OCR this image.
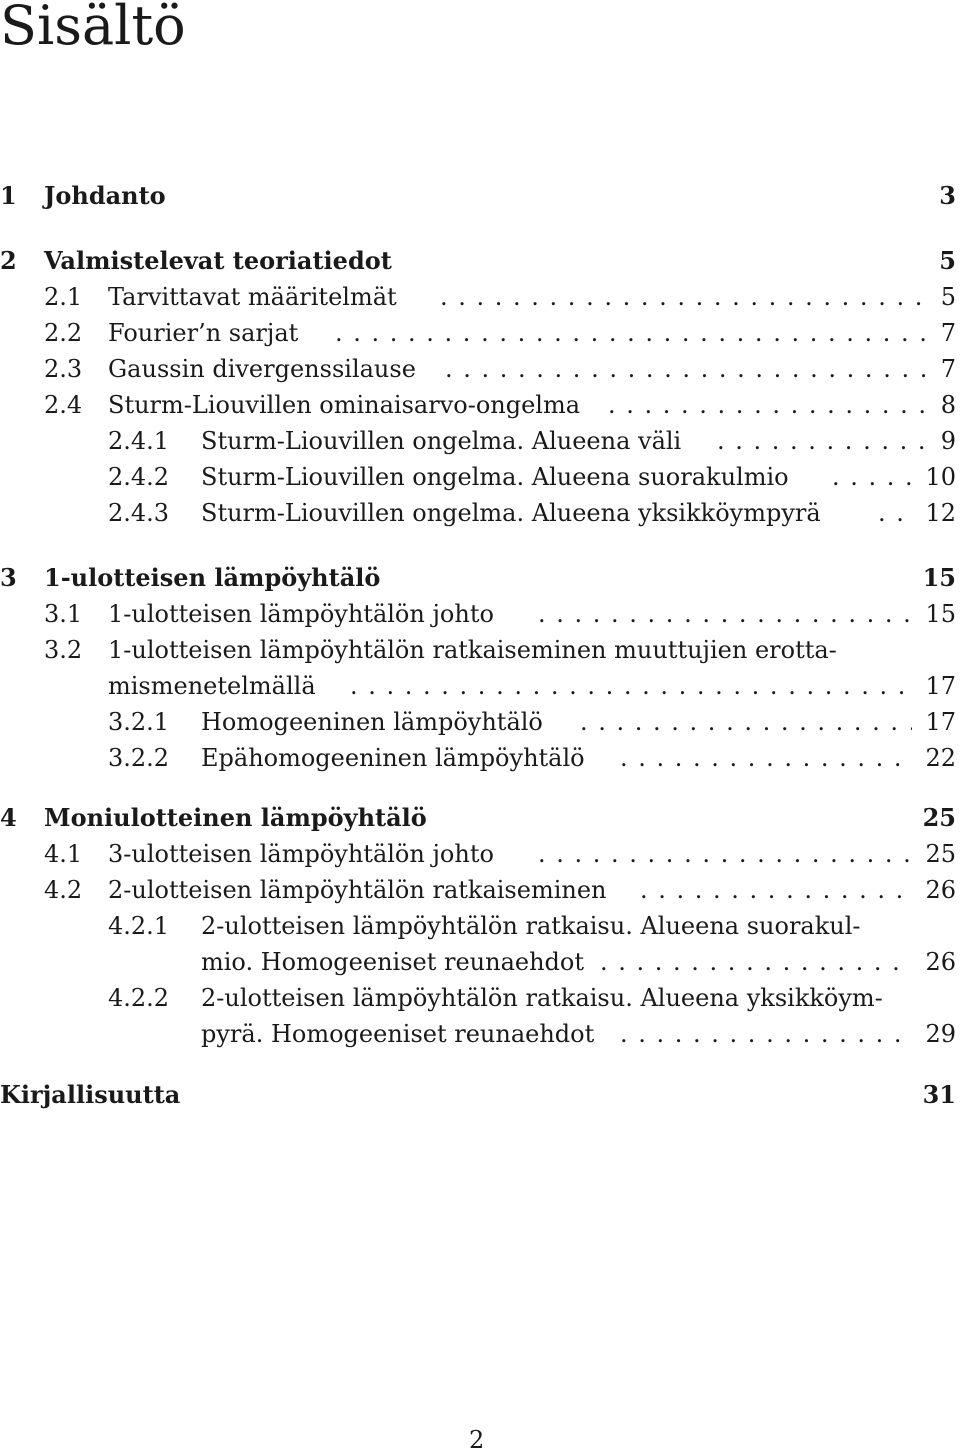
Sisältö
1 Johdanto	3
2 Valmistelevat teoriatiedot	5
2.1 Tarvittavat määritelmät . . .	5
2.2 Fourier’n sarjat . . .	7
2.3 Gaussin divergenssilause . . .	7
2.4 Sturm-Liouvillen ominaisarvo-ongelma . . .	8
2.4.1 Sturm-Liouvillen ongelma. Alueena väli . . .	9
2.4.2 Sturm-Liouvillen ongelma. Alueena suorakulmio . . .	10
2.4.3 Sturm-Liouvillen ongelma. Alueena yksikköympyrä . . .	12
3 1-ulotteisen lämpöyhtälö	15
3.1 1-ulotteisen lämpöyhtälön johto . . .	15
3.2 1-ulotteisen lämpöyhtälön ratkaiseminen muuttujien erotta-
mismenetelmällä . . .	17
3.2.1 Homogeeninen lämpöyhtälö . . .	17
3.2.2 Epähomogeeninen lämpöyhtälö . . .	22
4 Moniulotteinen lämpöyhtälö	25
4.1 3-ulotteisen lämpöyhtälön johto . . .	25
4.2 2-ulotteisen lämpöyhtälön ratkaiseminen . . .	26
4.2.1 2-ulotteisen lämpöyhtälön ratkaisu. Alueena suorakul-
mio. Homogeeniset reunaehdot . . .	26
4.2.2 2-ulotteisen lämpöyhtälön ratkaisu. Alueena yksikköym-
pyrä. Homogeeniset reunaehdot . . .	29
Kirjallisuutta	31
2
